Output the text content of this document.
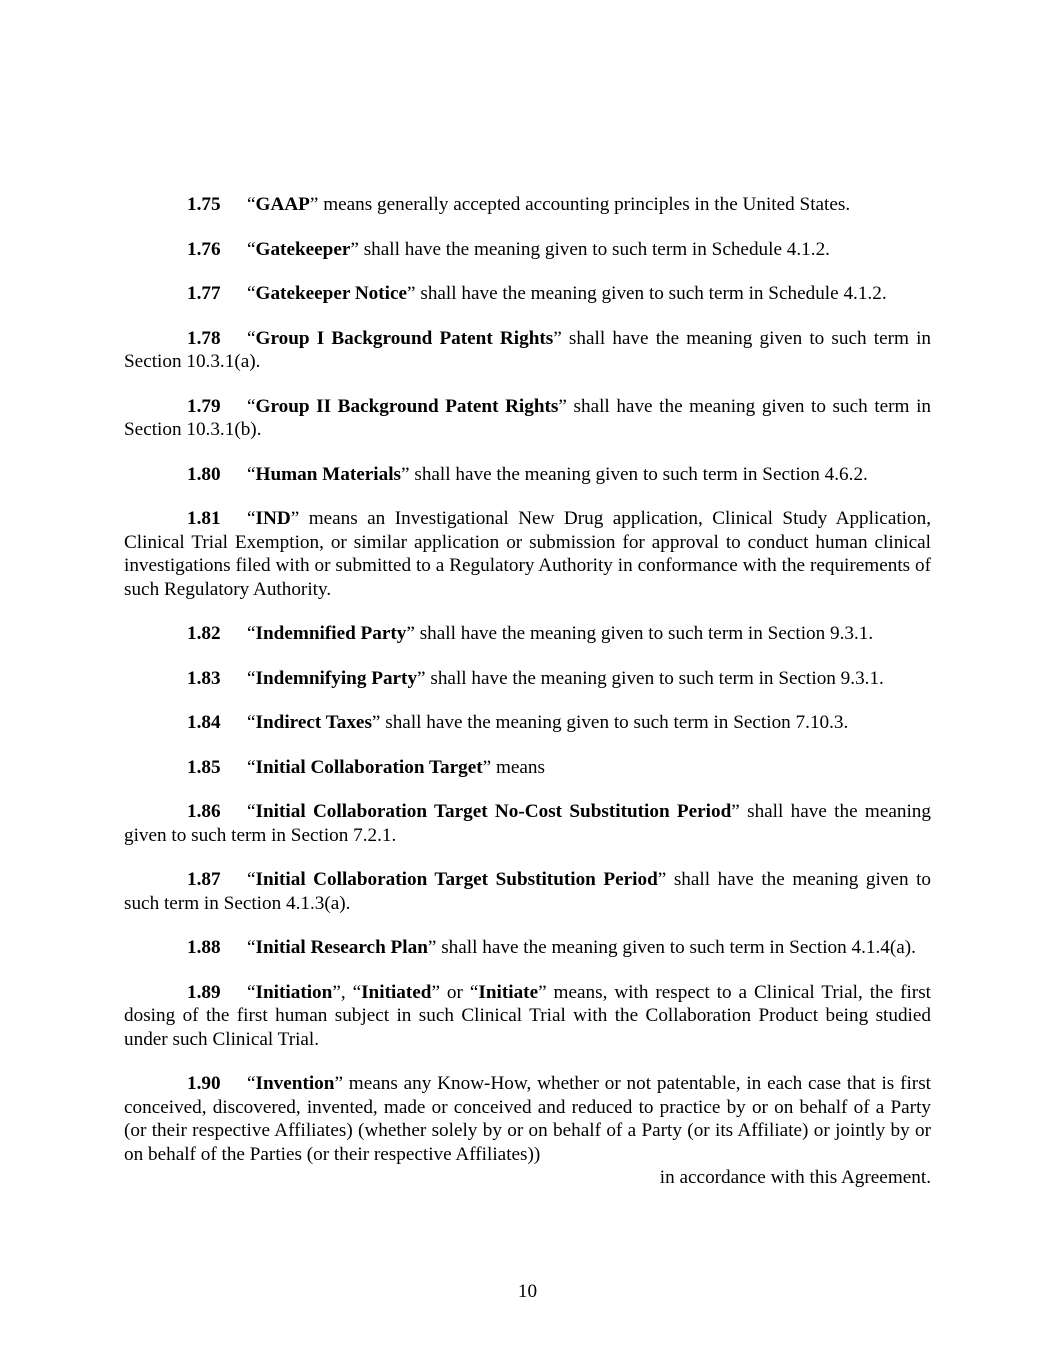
1.75 “GAAP” means generally accepted accounting principles in the United States.

1.76 “Gatekeeper” shall have the meaning given to such term in Schedule 4.1.2.

1.77 “Gatekeeper Notice” shall have the meaning given to such term in Schedule 4.1.2.

1.78 “Group I Background Patent Rights” shall have the meaning given to such term in Section 10.3.1(a).

1.79 “Group II Background Patent Rights” shall have the meaning given to such term in Section 10.3.1(b).

1.80 “Human Materials” shall have the meaning given to such term in Section 4.6.2.

1.81 “IND” means an Investigational New Drug application, Clinical Study Application, Clinical Trial Exemption, or similar application or submission for approval to conduct human clinical investigations filed with or submitted to a Regulatory Authority in conformance with the requirements of such Regulatory Authority.

1.82 “Indemnified Party” shall have the meaning given to such term in Section 9.3.1.

1.83 “Indemnifying Party” shall have the meaning given to such term in Section 9.3.1.

1.84 “Indirect Taxes” shall have the meaning given to such term in Section 7.10.3.

1.85 “Initial Collaboration Target” means

1.86 “Initial Collaboration Target No-Cost Substitution Period” shall have the meaning given to such term in Section 7.2.1.

1.87 “Initial Collaboration Target Substitution Period” shall have the meaning given to such term in Section 4.1.3(a).

1.88 “Initial Research Plan” shall have the meaning given to such term in Section 4.1.4(a).

1.89 “Initiation”, “Initiated” or “Initiate” means, with respect to a Clinical Trial, the first dosing of the first human subject in such Clinical Trial with the Collaboration Product being studied under such Clinical Trial.

1.90 “Invention” means any Know-How, whether or not patentable, in each case that is first conceived, discovered, invented, made or conceived and reduced to practice by or on behalf of a Party (or their respective Affiliates) (whether solely by or on behalf of a Party (or its Affiliate) or jointly by or on behalf of the Parties (or their respective Affiliates))
in accordance with this Agreement.

10
